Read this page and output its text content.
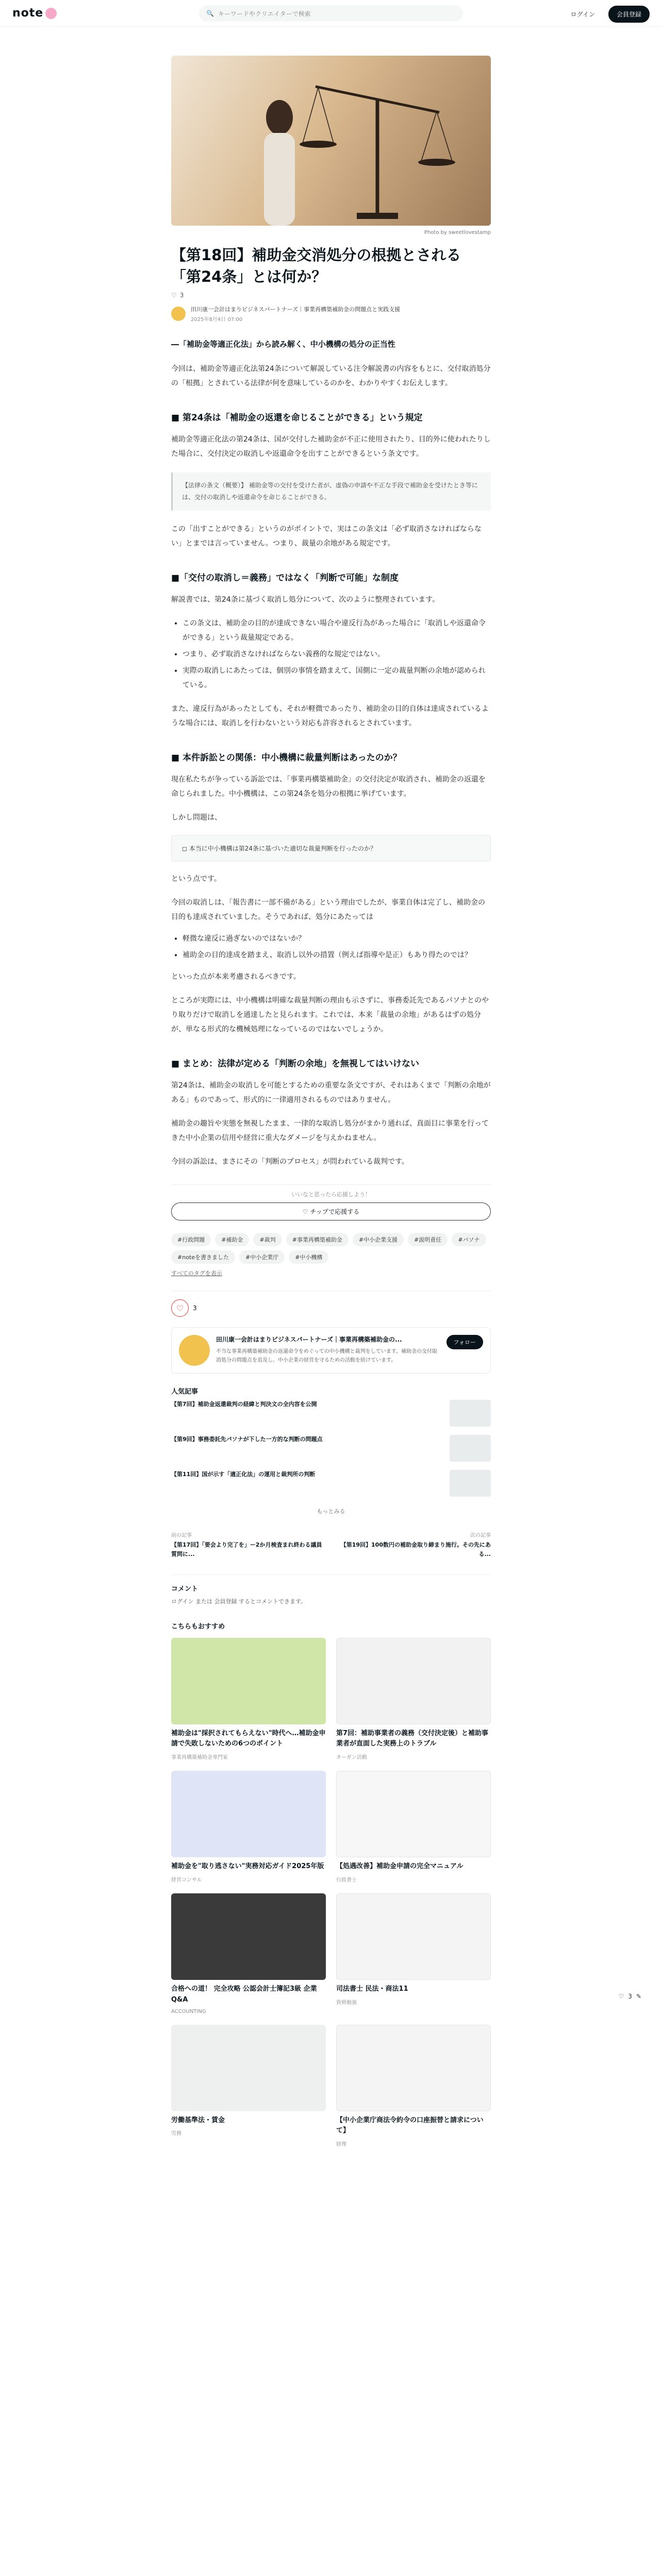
note	🔍 キーワードやクリエイターで検索	ログイン	会員登録
Photo by sweetlovestamp
【第18回】補助金交消処分の根拠とされる「第24条」とは何か？
♡ 3
田川康一会計はまりビジネスパートナーズ｜事業再構築補助金の問題点と実践支援
2025年8月4日 07:00
―「補助金等適正化法」から読み解く、中小機構の処分の正当性

今回は、補助金等適正化法第24条について解説している注令解説書の内容をもとに、交付取消処分の「根拠」とされている法律が何を意味しているのかを、わかりやすくお伝えします。

■ 第24条は「補助金の返還を命じることができる」という規定

補助金等適正化法の第24条は、国が交付した補助金が不正に使用されたり、目的外に使われたりした場合に、交付決定の取消しや返還命令を出すことができるという条文です。

【法律の条文（概要）】 補助金等の交付を受けた者が、虚偽の申請や不正な手段で補助金を受けたとき等には、交付の取消しや返還命令を命じることができる。

この「出すことができる」というのがポイントで、実はこの条文は「必ず取消さなければならない」とまでは言っていません。つまり、裁量の余地がある規定です。

■「交付の取消し＝義務」ではなく「判断で可能」な制度

解説書では、第24条に基づく取消し処分について、次のように整理されています。

• この条文は、補助金の目的が達成できない場合や違反行為があった場合に「取消しや返還命令ができる」という裁量規定である。
• つまり、必ず取消さなければならない義務的な規定ではない。
• 実際の取消しにあたっては、個別の事情を踏まえて、国側に一定の裁量判断の余地が認められている。

また、違反行為があったとしても、それが軽微であったり、補助金の目的自体は達成されているような場合には、取消しを行わないという対応も許容されるとされています。

■ 本件訴訟との関係：中小機構に裁量判断はあったのか？

現在私たちが争っている訴訟では、「事業再構築補助金」の交付決定が取消され、補助金の返還を命じられました。中小機構は、この第24条を処分の根拠に挙げています。

しかし問題は、

◻ 本当に中小機構は第24条に基づいた適切な裁量判断を行ったのか？

という点です。

今回の取消しは、「報告書に一部不備がある」という理由でしたが、事業自体は完了し、補助金の目的も達成されていました。そうであれば、処分にあたっては

• 軽微な違反に過ぎないのではないか？
• 補助金の目的達成を踏まえ、取消し以外の措置（例えば指導や是正）もあり得たのでは？

といった点が本来考慮されるべきです。

ところが実際には、中小機構は明確な裁量判断の理由も示さずに、事務委託先であるパソナとのやり取りだけで取消しを通達したと見られます。これでは、本来「裁量の余地」があるはずの処分が、単なる形式的な機械処理になっているのではないでしょうか。

■ まとめ：法律が定める「判断の余地」を無視してはいけない

第24条は、補助金の取消しを可能とするための重要な条文ですが、それはあくまで「判断の余地がある」ものであって、形式的に一律適用されるものではありません。

補助金の趣旨や実態を無視したまま、一律的な取消し処分がまかり通れば、真面目に事業を行ってきた中小企業の信用や経営に重大なダメージを与えかねません。

今回の訴訟は、まさにその「判断のプロセス」が問われている裁判です。

いいなと思ったら応援しよう！
♡ チップで応援する
#行政問題	#補助金	#裁判	#事業再構築補助金	#中小企業支援	#説明責任	#パソナ
#noteを書きました	#中小企業庁	#中小機構
すべてのタグを表示
♡	3
田川康一会計はまりビジネスパートナーズ｜事業再構築補助金の...
不当な事業再構築補助金の返還命令をめぐっての中小機構と裁判をしています。補助金の交付取消処分の問題点を追及し、中小企業の経営を守るための活動を続けています。
フォロー
人気記事
【第7回】補助金返還裁判の経緯と判決文の全内容を公開
【第9回】事務委託先パソナが下した一方的な判断の問題点
【第11回】国が示す「適正化法」の運用と裁判所の判断
もっとみる
前の記事
【第17回】「要会より完了を」ー2か月検査まれ終わる議員質問に...
次の記事
【第19回】100数円の補助金取り締まり施行。その先にある...
コメント
ログイン または 会員登録 するとコメントできます。
こちらもおすすめ
補助金は"採択されてもらえない"時代へ…補助金申請で失敗しないための6つのポイント
事業再構築補助金専門家
第7回：補助事業者の義務（交付決定後）と補助事業者が直面した実務上のトラブル
オーガン活動
補助金を"取り逃さない"実務対応ガイド2025年版
経営コンサル
【処遇改善】補助金申請の完全マニュアル
行政書士
合格への道！ 完全攻略 公認会計士簿記3級 企業 Q&A
ACCOUNTING
司法書士 民法・商法11
資格勉強
労働基準法・賃金
労務
【中小企業庁商法令約令の口座振替と請求について】
経理
♡ 3 ✎
